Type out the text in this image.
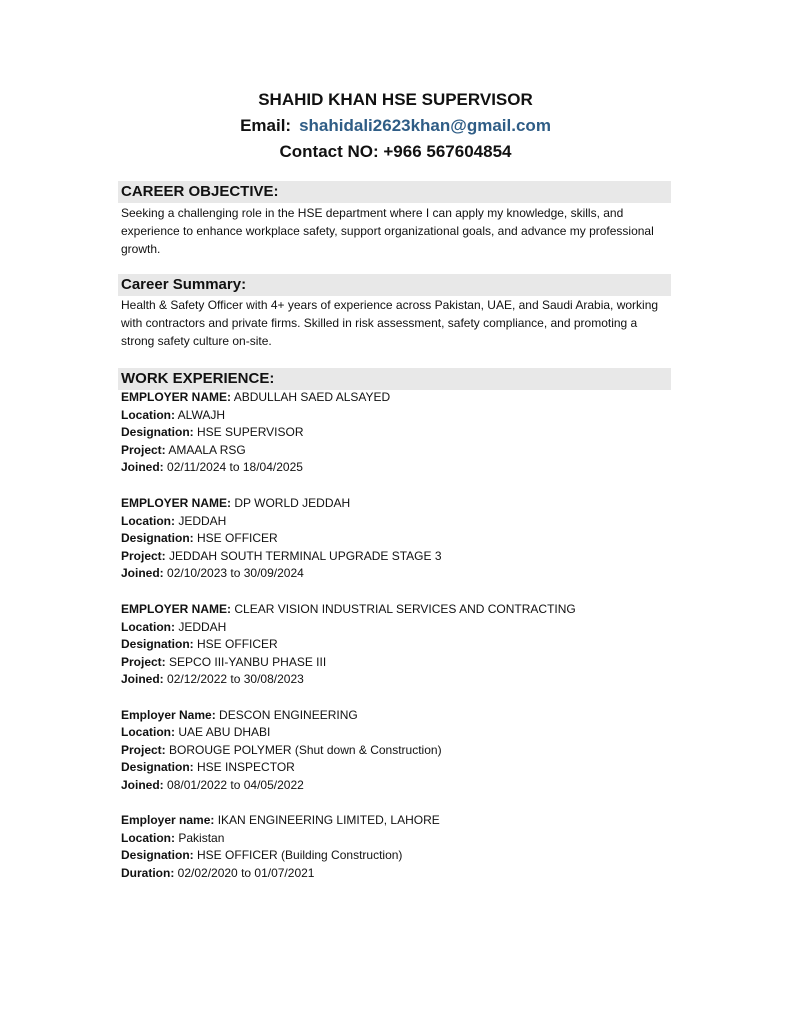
SHAHID KHAN HSE SUPERVISOR
Email: shahidali2623khan@gmail.com
Contact NO: +966 567604854
CAREER OBJECTIVE:
Seeking a challenging role in the HSE department where I can apply my knowledge, skills, and experience to enhance workplace safety, support organizational goals, and advance my professional growth.
Career Summary:
Health & Safety Officer with 4+ years of experience across Pakistan, UAE, and Saudi Arabia, working with contractors and private firms. Skilled in risk assessment, safety compliance, and promoting a strong safety culture on-site.
WORK EXPERIENCE:
EMPLOYER NAME: ABDULLAH SAED ALSAYED
Location: ALWAJH
Designation: HSE SUPERVISOR
Project: AMAALA RSG
Joined: 02/11/2024 to 18/04/2025
EMPLOYER NAME: DP WORLD JEDDAH
Location: JEDDAH
Designation: HSE OFFICER
Project: JEDDAH SOUTH TERMINAL UPGRADE STAGE 3
Joined: 02/10/2023 to 30/09/2024
EMPLOYER NAME: CLEAR VISION INDUSTRIAL SERVICES AND CONTRACTING
Location: JEDDAH
Designation: HSE OFFICER
Project: SEPCO III-YANBU PHASE III
Joined: 02/12/2022 to 30/08/2023
Employer Name: DESCON ENGINEERING
Location: UAE ABU DHABI
Project: BOROUGE POLYMER (Shut down & Construction)
Designation: HSE INSPECTOR
Joined: 08/01/2022 to 04/05/2022
Employer name: IKAN ENGINEERING LIMITED, LAHORE
Location: Pakistan
Designation: HSE OFFICER (Building Construction)
Duration: 02/02/2020 to 01/07/2021
